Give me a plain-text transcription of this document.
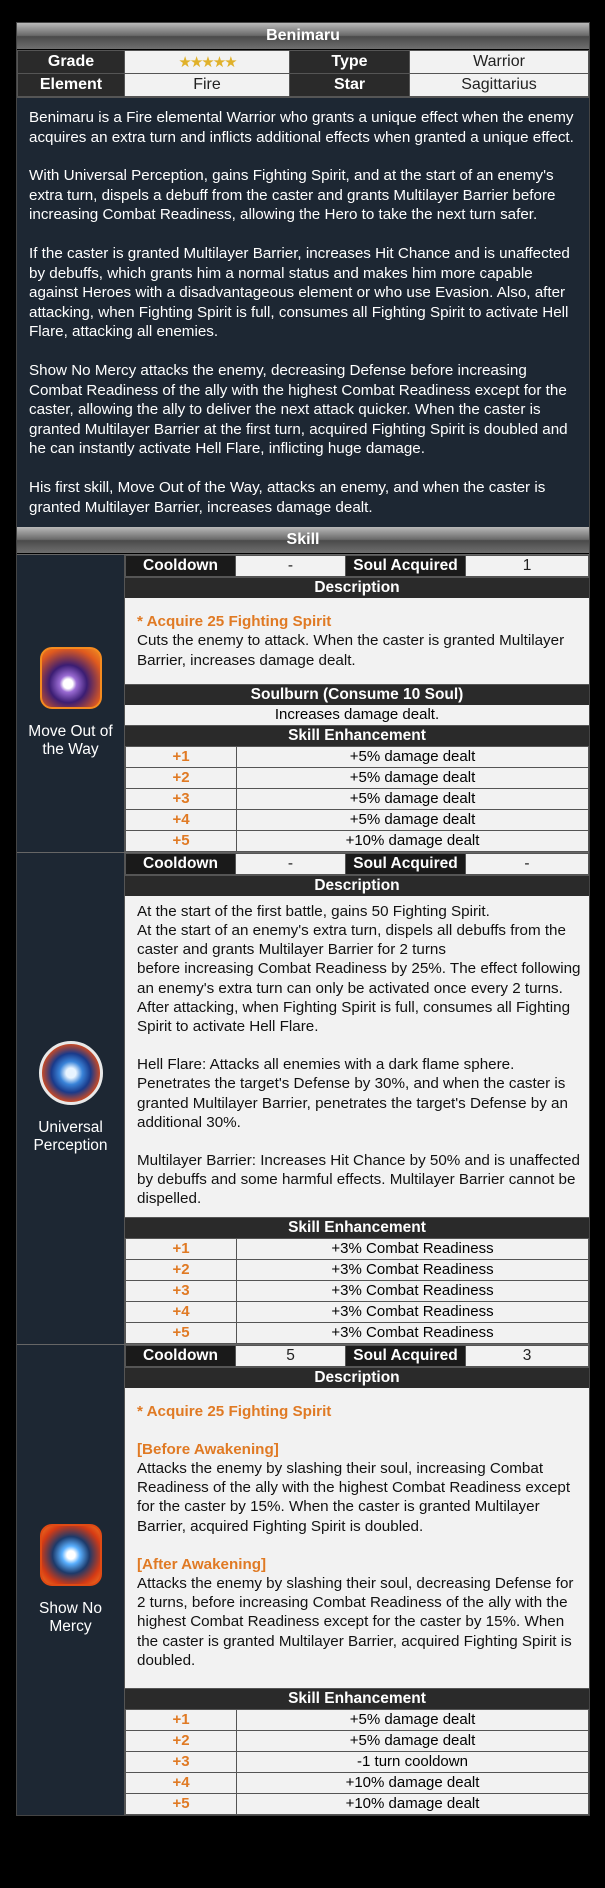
Benimaru
Grade	★★★★★	Type	Warrior
Element	Fire	Star	Sagittarius

Benimaru is a Fire elemental Warrior who grants a unique effect when the enemy acquires an extra turn and inflicts additional effects when granted a unique effect.

With Universal Perception, gains Fighting Spirit, and at the start of an enemy's extra turn, dispels a debuff from the caster and grants Multilayer Barrier before increasing Combat Readiness, allowing the Hero to take the next turn safer.

If the caster is granted Multilayer Barrier, increases Hit Chance and is unaffected by debuffs, which grants him a normal status and makes him more capable against Heroes with a disadvantageous element or who use Evasion. Also, after attacking, when Fighting Spirit is full, consumes all Fighting Spirit to activate Hell Flare, attacking all enemies.

Show No Mercy attacks the enemy, decreasing Defense before increasing Combat Readiness of the ally with the highest Combat Readiness except for the caster, allowing the ally to deliver the next attack quicker. When the caster is granted Multilayer Barrier at the first turn, acquired Fighting Spirit is doubled and he can instantly activate Hell Flare, inflicting huge damage.

His first skill, Move Out of the Way, attacks an enemy, and when the caster is granted Multilayer Barrier, increases damage dealt.

Skill
Move Out of the Way

Cooldown	-	Soul Acquired	1
Description
* Acquire 25 Fighting Spirit
Cuts the enemy to attack. When the caster is granted Multilayer Barrier, increases damage dealt.
Soulburn (Consume 10 Soul)
Increases damage dealt.
Skill Enhancement
+1	+5% damage dealt
+2	+5% damage dealt
+3	+5% damage dealt
+4	+5% damage dealt
+5	+10% damage dealt
Universal Perception

Cooldown	-	Soul Acquired	-
Description

At the start of the first battle, gains 50 Fighting Spirit.
At the start of an enemy's extra turn, dispels all debuffs from the caster and grants Multilayer Barrier for 2 turns
before increasing Combat Readiness by 25%. The effect following an enemy's extra turn can only be activated once every 2 turns. After attacking, when Fighting Spirit is full, consumes all Fighting Spirit to activate Hell Flare.

Hell Flare: Attacks all enemies with a dark flame sphere. Penetrates the target's Defense by 30%, and when the caster is granted Multilayer Barrier, penetrates the target's Defense by an additional 30%.

Multilayer Barrier: Increases Hit Chance by 50% and is unaffected by debuffs and some harmful effects. Multilayer Barrier cannot be dispelled.

Skill Enhancement
+1	+3% Combat Readiness
+2	+3% Combat Readiness
+3	+3% Combat Readiness
+4	+3% Combat Readiness
+5	+3% Combat Readiness
Show No Mercy

Cooldown	5	Soul Acquired	3
Description

* Acquire 25 Fighting Spirit

[Before Awakening]

Attacks the enemy by slashing their soul, increasing Combat Readiness of the ally with the highest Combat Readiness except for the caster by 15%. When the caster is granted Multilayer Barrier, acquired Fighting Spirit is doubled.

[After Awakening]

Attacks the enemy by slashing their soul, decreasing Defense for 2 turns, before increasing Combat Readiness of the ally with the highest Combat Readiness except for the caster by 15%. When the caster is granted Multilayer Barrier, acquired Fighting Spirit is doubled.

Skill Enhancement
+1	+5% damage dealt
+2	+5% damage dealt
+3	-1 turn cooldown
+4	+10% damage dealt
+5	+10% damage dealt
